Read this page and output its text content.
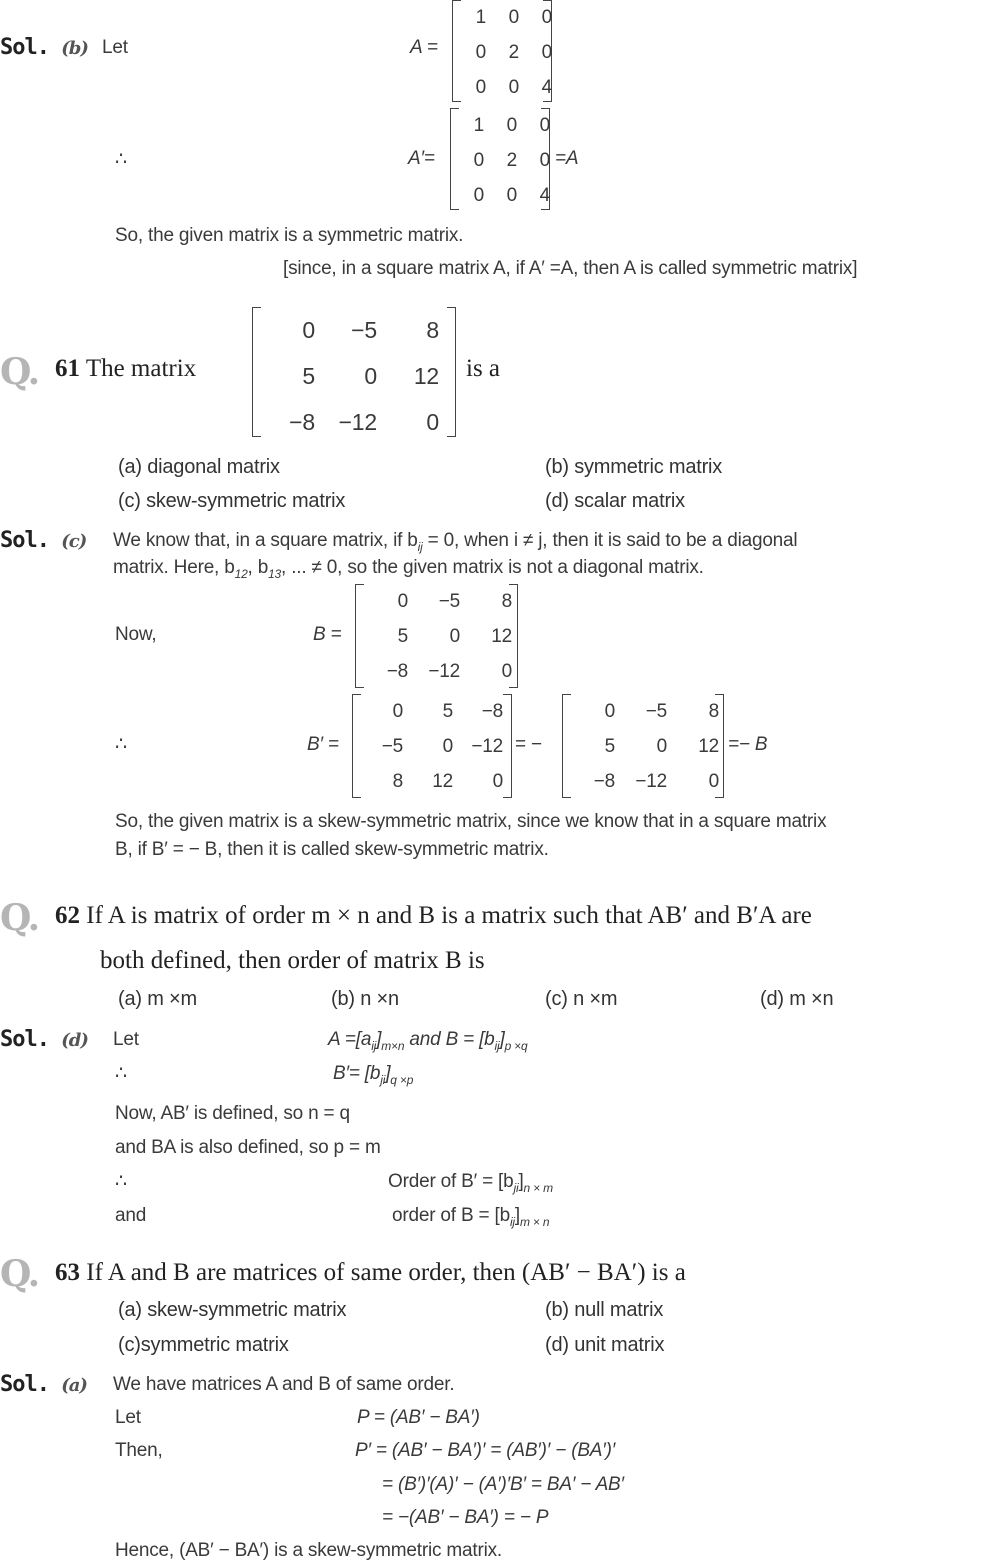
Sol. (b) Let	A =
1	0	0
0	2	0
0	0	4
∴	A′=
1	0	0
0	2	0
0	0	4
=A
So, the given matrix is a symmetric matrix.
[since, in a square matrix A, if A′ =A, then A is called symmetric matrix]
Q. 61 The matrix
0	−5	8
5	0	12
−8	−12	0
is a
(a) diagonal matrix	(b) symmetric matrix
(c) skew-symmetric matrix	(d) scalar matrix
Sol. (c) We know that, in a square matrix, if $b_{ij} = 0$, when i ≠ j, then it is said to be a diagonal
matrix. Here, $b_{12}$, $b_{13}$, ... ≠ 0, so the given matrix is not a diagonal matrix.
Now,	B =
0	−5	8
5	0	12
−8	−12	0
∴	B′ =
0	5	−8
−5	0 −12
8	12	0
= −
0	−5	8
5	0	12
−8	−12	0
=− B
So, the given matrix is a skew-symmetric matrix, since we know that in a square matrix
B, if B′ = − B, then it is called skew-symmetric matrix.
Q. 62 If A is matrix of order m × n and B is a matrix such that AB′ and B′A are
both defined, then order of matrix B is
(a) m ×m	(b) n ×n	(c) n ×m	(d) m ×n
Sol. (d) Let	$A =[a_{ij}]_{m\times n}$ and $B = [b_{ij}]_{p \times q}$
∴	$B'= [b_{ji}]_{q \times p}$
Now, AB′ is defined, so n = q
and BA is also defined, so p = m
∴	Order of $B' = [b_{ji}]_{n \times m}$
and	order of $B = [b_{ij}]_{m \times n}$
Q. 63 If A and B are matrices of same order, then (AB′ − BA′) is a
(a) skew-symmetric matrix	(b) null matrix
(c)symmetric matrix	(d) unit matrix
Sol. (a) We have matrices A and B of same order.
Let	P = (AB′ − BA′)
Then,	P′ = (AB′ − BA′)′ = (AB′)′ − (BA′)′
= (B′)′(A)′ − (A′)′B′ = BA′ − AB′
= −(AB′ − BA′) = − P
Hence, (AB′ − BA′) is a skew-symmetric matrix.
